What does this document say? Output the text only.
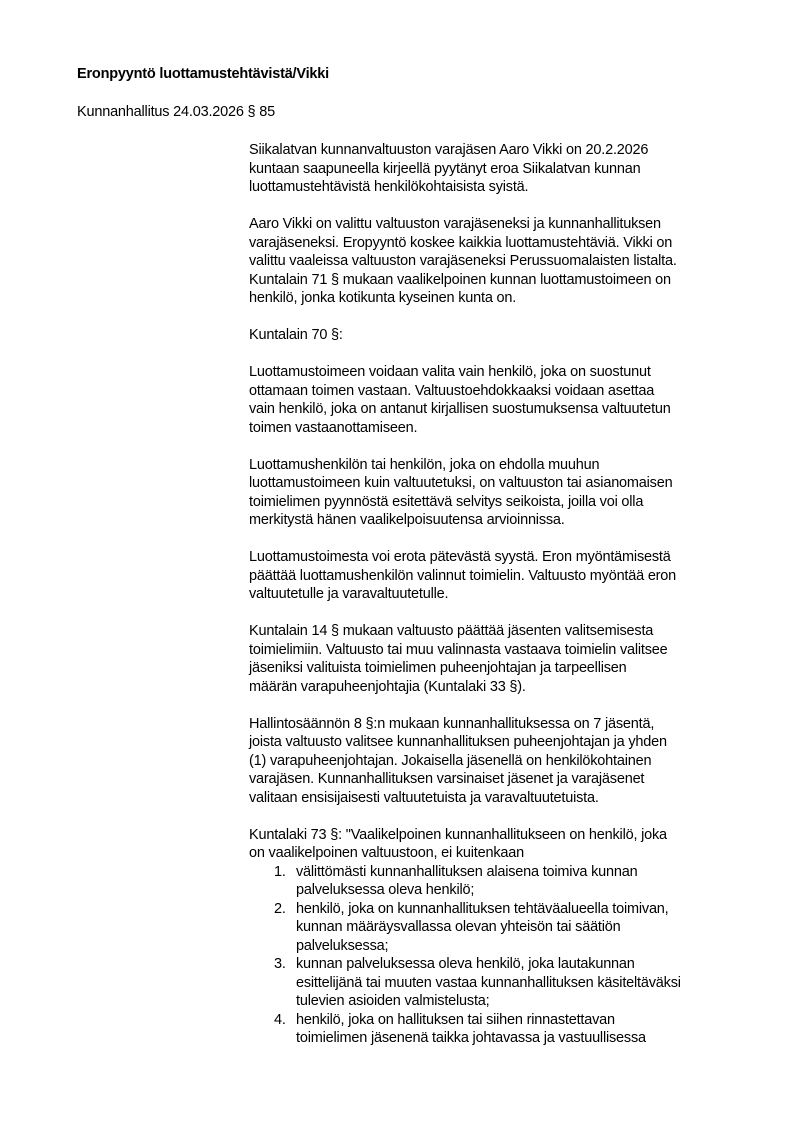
Eronpyyntö luottamustehtävistä/Vikki
Kunnanhallitus 24.03.2026 § 85

Siikalatvan kunnanvaltuuston varajäsen Aaro Vikki on 20.2.2026
kuntaan saapuneella kirjeellä pyytänyt eroa Siikalatvan kunnan
luottamustehtävistä henkilökohtaisista syistä.

Aaro Vikki on valittu valtuuston varajäseneksi ja kunnanhallituksen
varajäseneksi. Eropyyntö koskee kaikkia luottamustehtäviä. Vikki on
valittu vaaleissa valtuuston varajäseneksi Perussuomalaisten listalta.
Kuntalain 71 § mukaan vaalikelpoinen kunnan luottamustoimeen on
henkilö, jonka kotikunta kyseinen kunta on.

Kuntalain 70 §:

Luottamustoimeen voidaan valita vain henkilö, joka on suostunut
ottamaan toimen vastaan. Valtuustoehdokkaaksi voidaan asettaa
vain henkilö, joka on antanut kirjallisen suostumuksensa valtuutetun
toimen vastaanottamiseen.

Luottamushenkilön tai henkilön, joka on ehdolla muuhun
luottamustoimeen kuin valtuutetuksi, on valtuuston tai asianomaisen
toimielimen pyynnöstä esitettävä selvitys seikoista, joilla voi olla
merkitystä hänen vaalikelpoisuutensa arvioinnissa.

Luottamustoimesta voi erota pätevästä syystä. Eron myöntämisestä
päättää luottamushenkilön valinnut toimielin. Valtuusto myöntää eron
valtuutetulle ja varavaltuutetulle.

Kuntalain 14 § mukaan valtuusto päättää jäsenten valitsemisesta
toimielimiin. Valtuusto tai muu valinnasta vastaava toimielin valitsee
jäseniksi valituista toimielimen puheenjohtajan ja tarpeellisen
määrän varapuheenjohtajia (Kuntalaki 33 §).

Hallintosäännön 8 §:n mukaan kunnanhallituksessa on 7 jäsentä,
joista valtuusto valitsee kunnanhallituksen puheenjohtajan ja yhden
(1) varapuheenjohtajan. Jokaisella jäsenellä on henkilökohtainen
varajäsen. Kunnanhallituksen varsinaiset jäsenet ja varajäsenet
valitaan ensisijaisesti valtuutetuista ja varavaltuutetuista.

Kuntalaki 73 §: "Vaalikelpoinen kunnanhallitukseen on henkilö, joka
on vaalikelpoinen valtuustoon, ei kuitenkaan

1. välittömästi kunnanhallituksen alaisena toimiva kunnan
palveluksessa oleva henkilö;
2. henkilö, joka on kunnanhallituksen tehtäväalueella toimivan,
kunnan määräysvallassa olevan yhteisön tai säätiön
palveluksessa;
3. kunnan palveluksessa oleva henkilö, joka lautakunnan
esittelijänä tai muuten vastaa kunnanhallituksen käsiteltäväksi
tulevien asioiden valmistelusta;
4. henkilö, joka on hallituksen tai siihen rinnastettavan
toimielimen jäsenenä taikka johtavassa ja vastuullisessa
